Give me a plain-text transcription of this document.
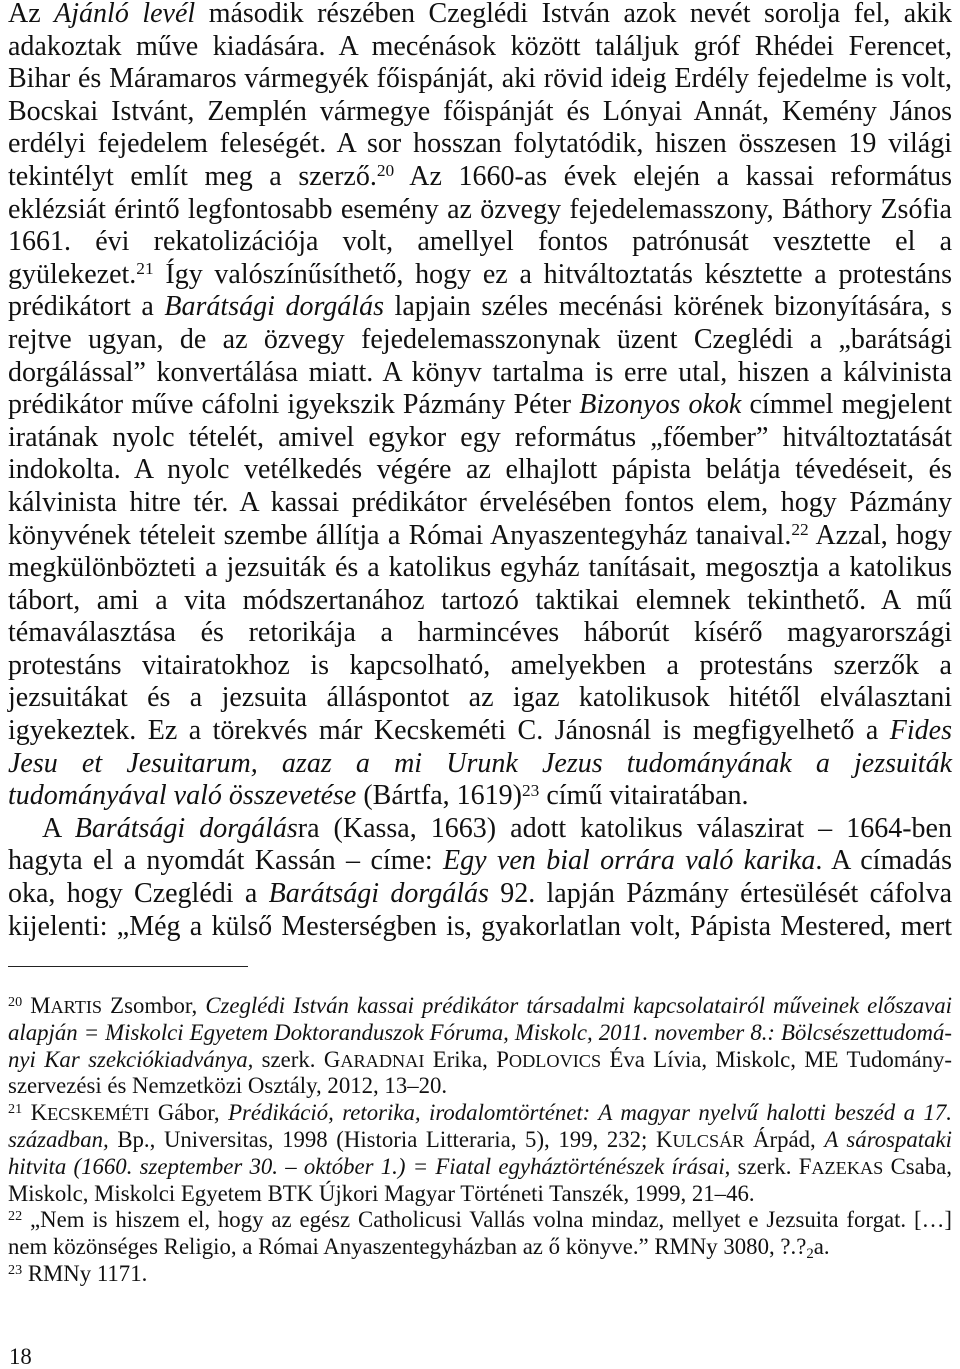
Az Ajánló levél második részében Czeglédi István azok nevét sorolja fel, akik
adakoztak műve kiadására. A mecénások között találjuk gróf Rhédei Ferencet,
Bihar és Máramaros vármegyék főispánját, aki rövid ideig Erdély fejedelme is volt,
Bocskai Istvánt, Zemplén vármegye főispánját és Lónyai Annát, Kemény János
erdélyi fejedelem feleségét. A sor hosszan folytatódik, hiszen összesen 19 világi
tekintélyt említ meg a szerző.$^{20}$ Az 1660-as évek elején a kassai református
eklézsiát érintő legfontosabb esemény az özvegy fejedelemasszony, Báthory Zsófia
1661. évi rekatolizációja volt, amellyel fontos patrónusát vesztette el a
gyülekezet.$^{21}$ Így valószínűsíthető, hogy ez a hitváltoztatás késztette a protestáns
prédikátort a Barátsági dorgálás lapjain széles mecénási körének bizonyítására, s
rejtve ugyan, de az özvegy fejedelemasszonynak üzent Czeglédi a „barátsági
dorgálással” konvertálása miatt. A könyv tartalma is erre utal, hiszen a kálvinista
prédikátor műve cáfolni igyekszik Pázmány Péter Bizonyos okok címmel megjelent
iratának nyolc tételét, amivel egykor egy református „főember” hitváltoztatását
indokolta. A nyolc vetélkedés végére az elhajlott pápista belátja tévedéseit, és
kálvinista hitre tér. A kassai prédikátor érvelésében fontos elem, hogy Pázmány
könyvének tételeit szembe állítja a Római Anyaszentegyház tanaival.$^{22}$ Azzal, hogy
megkülönbözteti a jezsuiták és a katolikus egyház tanításait, megosztja a katolikus
tábort, ami a vita módszertanához tartozó taktikai elemnek tekinthető. A mű
témaválasztása és retorikája a harmincéves háborút kísérő magyarországi
protestáns vitairatokhoz is kapcsolható, amelyekben a protestáns szerzők a
jezsuitákat és a jezsuita álláspontot az igaz katolikusok hitétől elválasztani
igyekeztek. Ez a törekvés már Kecskeméti C. Jánosnál is megfigyelhető a Fides
Jesu et Jesuitarum, azaz a mi Urunk Jezus tudományának a jezsuiták
tudományával való összevetése (Bártfa, 1619)$^{23}$ című vitairatában.
A Barátsági dorgálásra (Kassa, 1663) adott katolikus válaszirat – 1664-ben
hagyta el a nyomdát Kassán – címe: Egy ven bial orrára való karika. A címadás
oka, hogy Czeglédi a Barátsági dorgálás 92. lapján Pázmány értesülését cáfolva
kijelenti: „Még a külső Mesterségben is, gyakorlatlan volt, Pápista Mestered, mert
$^{20}$ MARTIS Zsombor, Czeglédi István kassai prédikátor társadalmi kapcsolatairól műveinek előszavai
alapján = Miskolci Egyetem Doktoranduszok Fóruma, Miskolc, 2011. november 8.: Bölcsészettudomá-
nyi Kar szekciókiadványa, szerk. GARADNAI Erika, PODLOVICS Éva Lívia, Miskolc, ME Tudomány-
szervezési és Nemzetközi Osztály, 2012, 13–20.
$^{21}$ KECSKEMÉTI Gábor, Prédikáció, retorika, irodalomtörténet: A magyar nyelvű halotti beszéd a 17.
században, Bp., Universitas, 1998 (Historia Litteraria, 5), 199, 232; KULCSÁR Árpád, A sárospataki
hitvita (1660. szeptember 30. – október 1.) = Fiatal egyháztörténészek írásai, szerk. FAZEKAS Csaba,
Miskolc, Miskolci Egyetem BTK Újkori Magyar Történeti Tanszék, 1999, 21–46.
$^{22}$ „Nem is hiszem el, hogy az egész Catholicusi Vallás volna mindaz, mellyet e Jezsuita forgat. […]
nem közönséges Religio, a Római Anyaszentegyházban az ő könyve.” RMNy 3080, ?.?2a.
$^{23}$ RMNy 1171.
18
